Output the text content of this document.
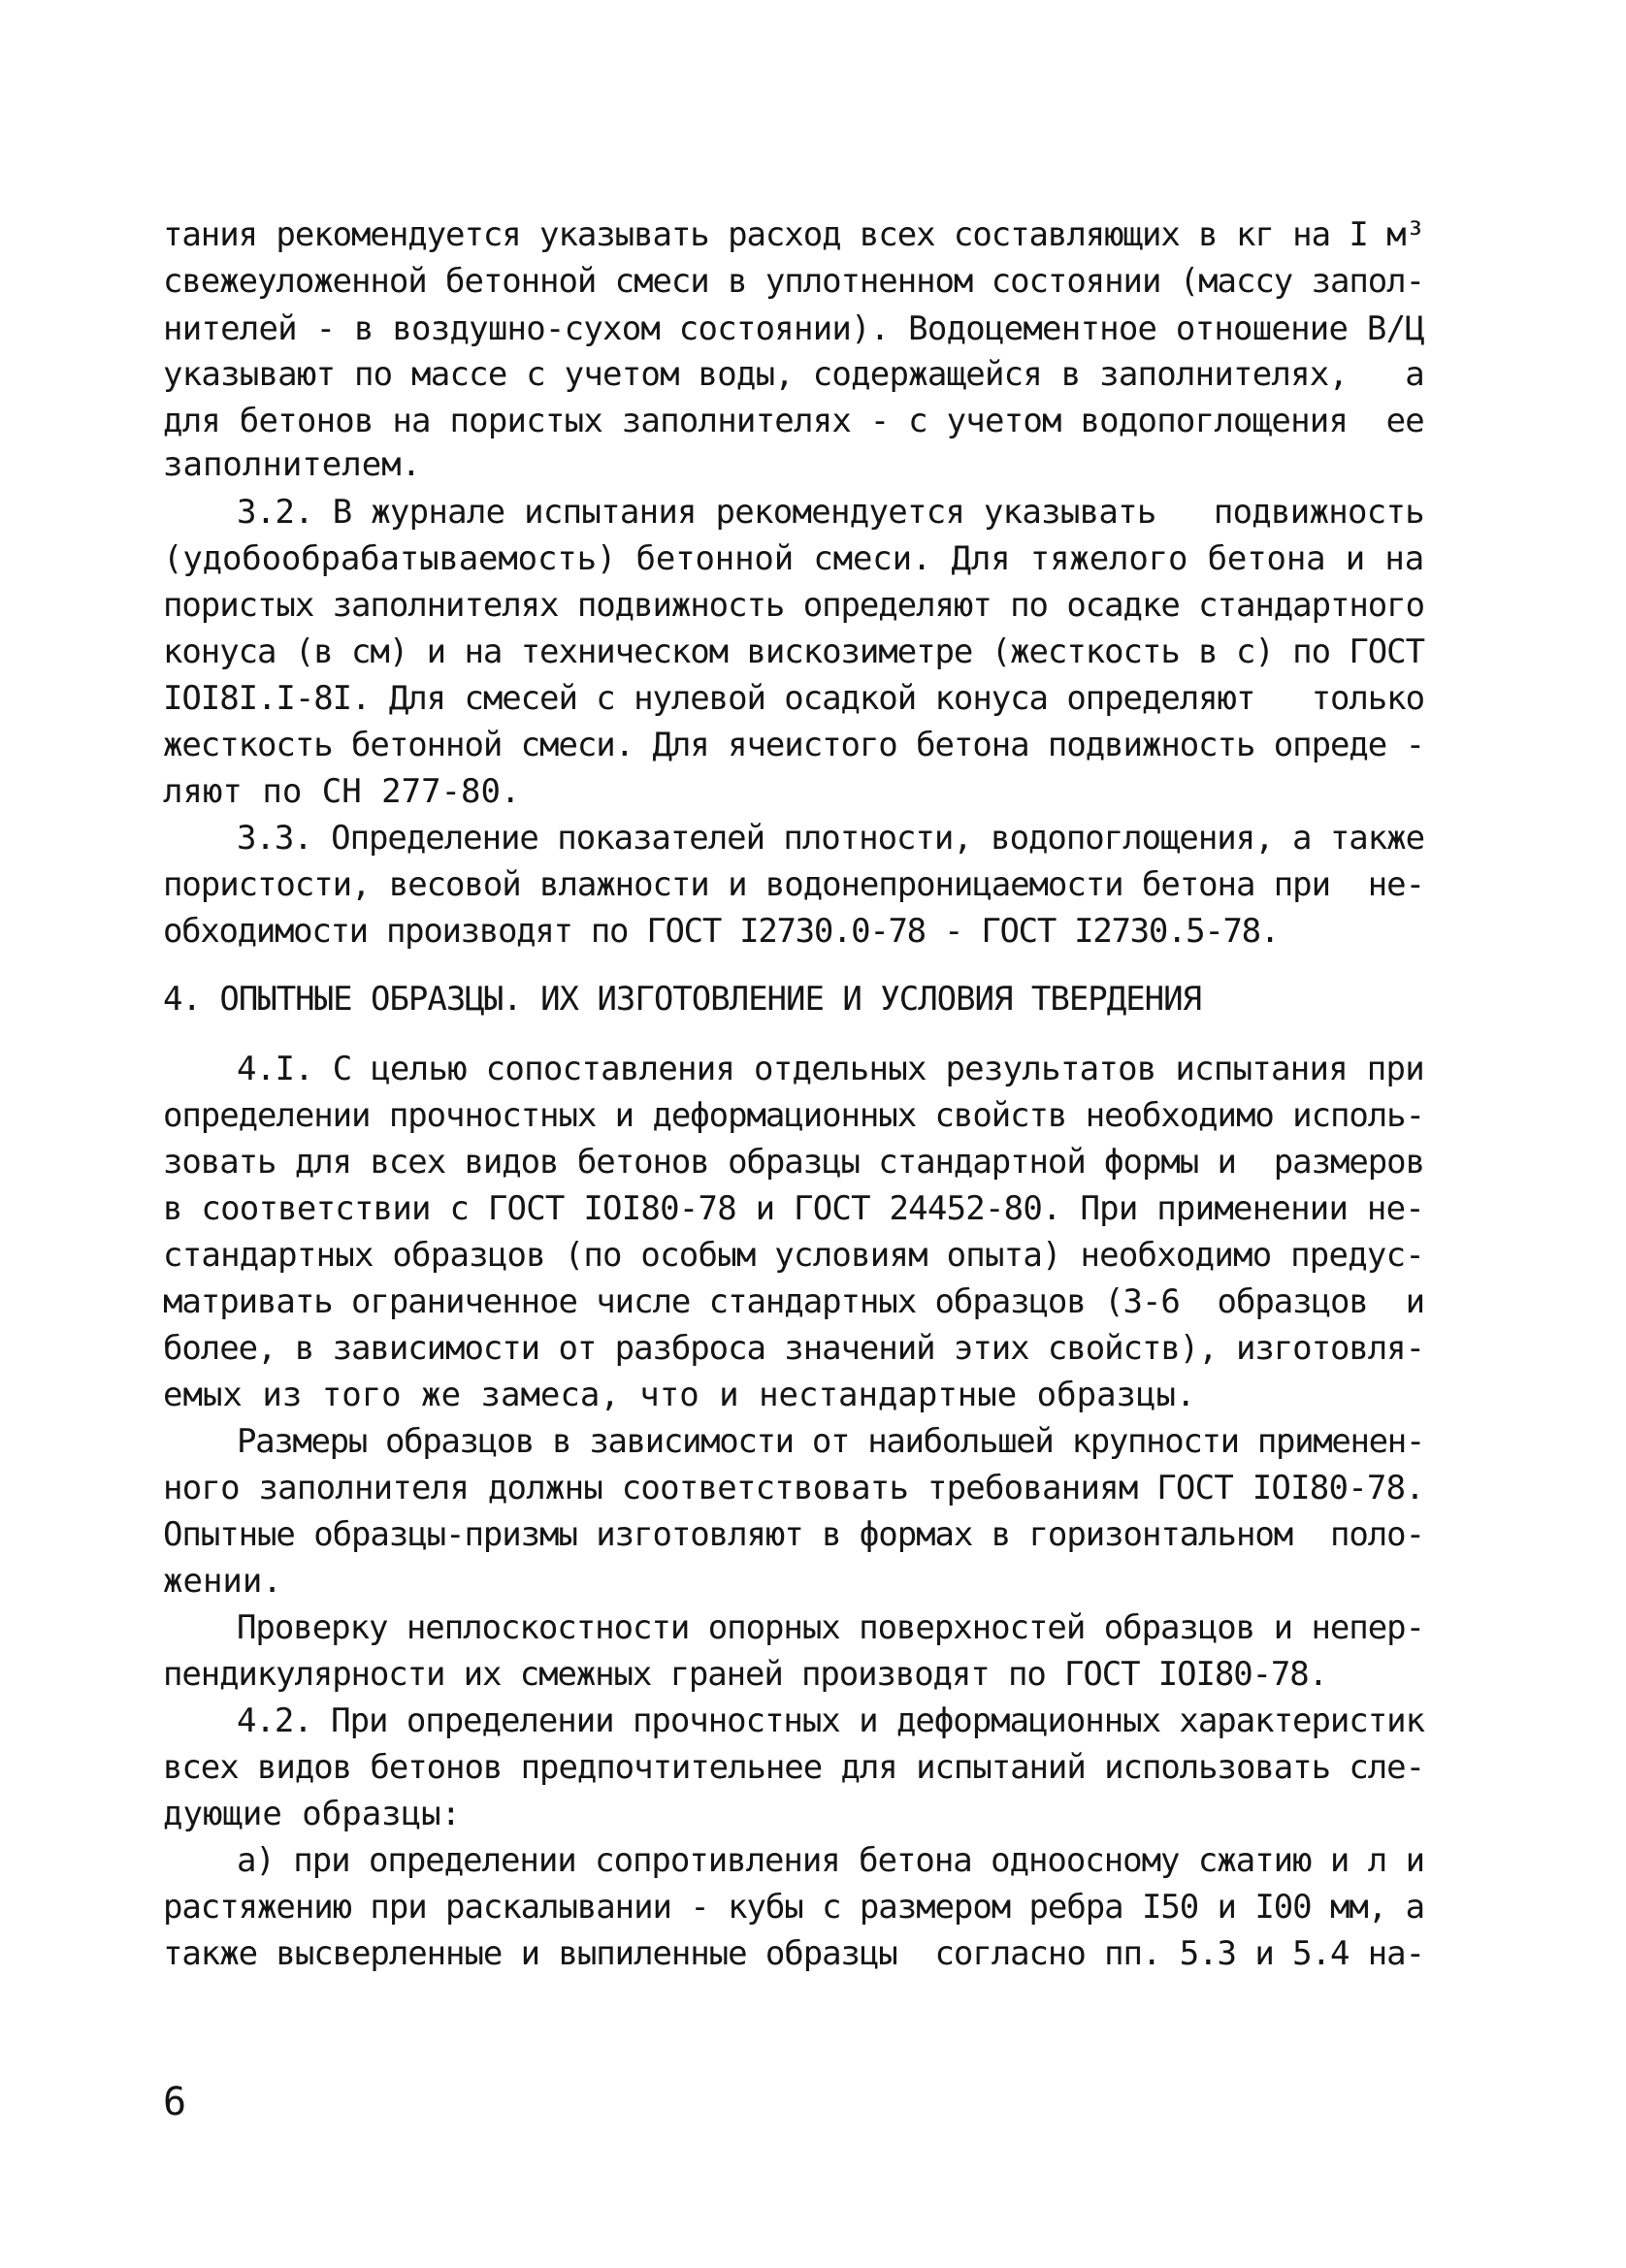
тания рекомендуется указывать расход всех составляющих в кг на I м³
свежеуложенной бетонной смеси в уплотненном состоянии (массу запол-
нителей - в воздушно-сухом состоянии). Водоцементное отношение В/Ц
указывают по массе с учетом воды, содержащейся в заполнителях,   а
для бетонов на пористых заполнителях - с учетом водопоглощения  ее
заполнителем.
3.2. В журнале испытания рекомендуется указывать   подвижность
(удобообрабатываемость) бетонной смеси. Для тяжелого бетона и на
пористых заполнителях подвижность определяют по осадке стандартного
конуса (в см) и на техническом вискозиметре (жесткость в с) по ГОСТ
IOI8I.I-8I. Для смесей с нулевой осадкой конуса определяют   только
жесткость бетонной смеси. Для ячеистого бетона подвижность опреде -
ляют по СН 277-80.
3.3. Определение показателей плотности, водопоглощения, а также
пористости, весовой влажности и водонепроницаемости бетона при  не-
обходимости производят по ГОСТ I2730.0-78 - ГОСТ I2730.5-78.
4. ОПЫТНЫЕ ОБРАЗЦЫ. ИХ ИЗГОТОВЛЕНИЕ И УСЛОВИЯ ТВЕРДЕНИЯ
4.I. С целью сопоставления отдельных результатов испытания при
определении прочностных и деформационных свойств необходимо исполь-
зовать для всех видов бетонов образцы стандартной формы и  размеров
в соответствии с ГОСТ IOI80-78 и ГОСТ 24452-80. При применении не-
стандартных образцов (по особым условиям опыта) необходимо предус-
матривать ограниченное числе стандартных образцов (3-6  образцов  и
более, в зависимости от разброса значений этих свойств), изготовля-
емых из того же замеса, что и нестандартные образцы.
Размеры образцов в зависимости от наибольшей крупности применен-
ного заполнителя должны соответствовать требованиям ГОСТ IOI80-78.
Опытные образцы-призмы изготовляют в формах в горизонтальном  поло-
жении.
Проверку неплоскостности опорных поверхностей образцов и непер-
пендикулярности их смежных граней производят по ГОСТ IOI80-78.
4.2. При определении прочностных и деформационных характеристик
всех видов бетонов предпочтительнее для испытаний использовать сле-
дующие образцы:
а) при определении сопротивления бетона одноосному сжатию и л и
растяжению при раскалывании - кубы с размером ребра I50 и I00 мм, а
также высверленные и выпиленные образцы  согласно пп. 5.3 и 5.4 на-
6
